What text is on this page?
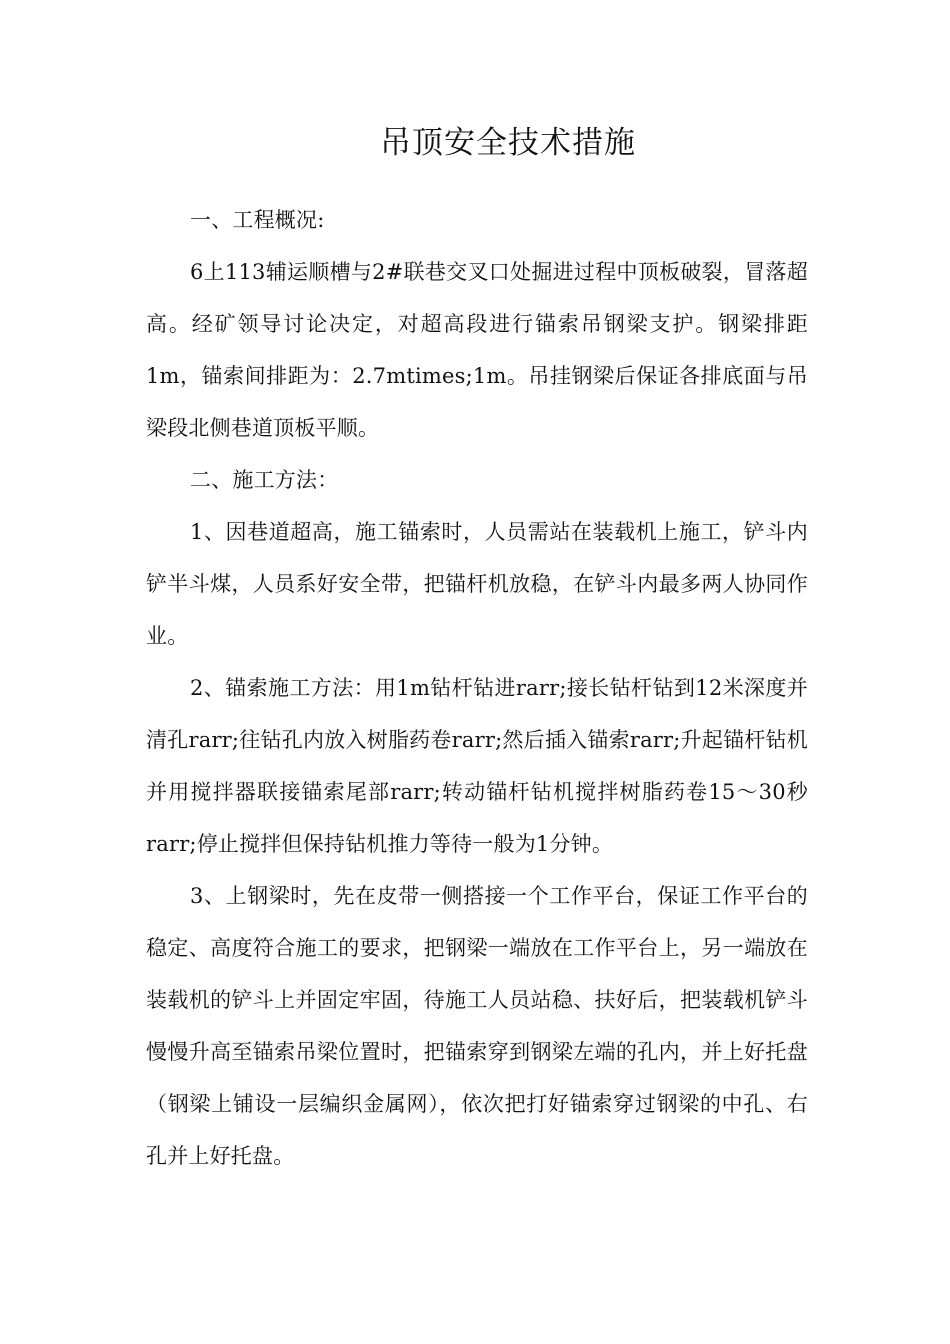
吊顶安全技术措施

一、工程概况:

6上113辅运顺槽与2#联巷交叉口处掘进过程中顶板破裂，冒落超高。经矿领导讨论决定，对超高段进行锚索吊钢梁支护。钢梁排距1m，锚索间排距为：2.7mtimes;1m。吊挂钢梁后保证各排底面与吊梁段北侧巷道顶板平顺。

二、施工方法：

1、因巷道超高，施工锚索时，人员需站在装载机上施工，铲斗内铲半斗煤，人员系好安全带，把锚杆机放稳，在铲斗内最多两人协同作业。

2、锚索施工方法：用1m钻杆钻进rarr;接长钻杆钻到12米深度并清孔rarr;往钻孔内放入树脂药卷rarr;然后插入锚索rarr;升起锚杆钻机并用搅拌器联接锚索尾部rarr;转动锚杆钻机搅拌树脂药卷15～30秒rarr;停止搅拌但保持钻机推力等待一般为1分钟。

3、上钢梁时，先在皮带一侧搭接一个工作平台，保证工作平台的稳定、高度符合施工的要求，把钢梁一端放在工作平台上，另一端放在装载机的铲斗上并固定牢固，待施工人员站稳、扶好后，把装载机铲斗慢慢升高至锚索吊梁位置时，把锚索穿到钢梁左端的孔内，并上好托盘（钢梁上铺设一层编织金属网），依次把打好锚索穿过钢梁的中孔、右孔并上好托盘。
